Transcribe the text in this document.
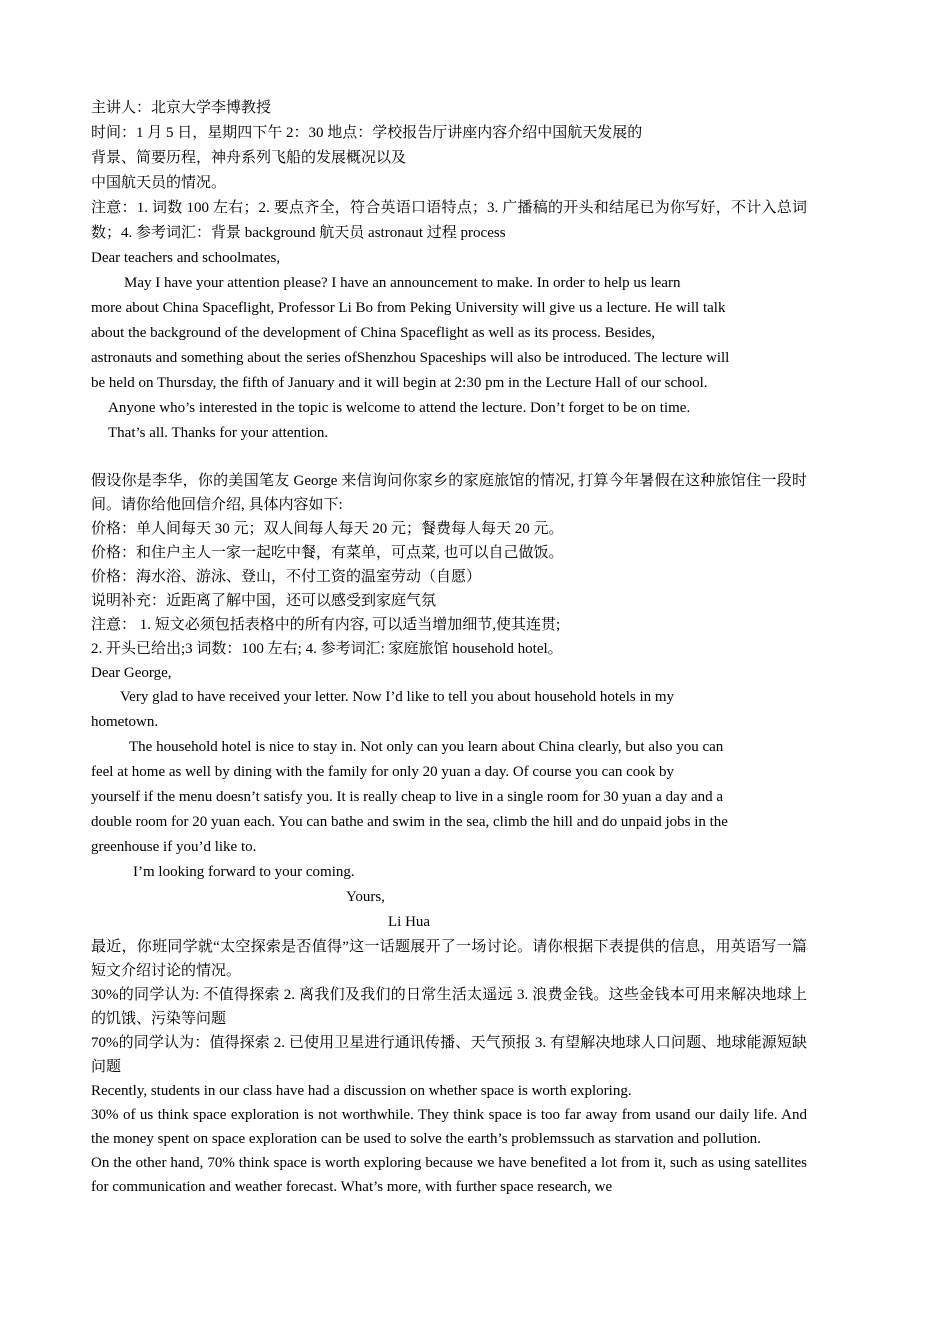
主讲人：北京大学李博教授

时间：1 月 5 日，星期四下午 2：30 地点：学校报告厅讲座内容介绍中国航天发展的

背景、简要历程，神舟系列飞船的发展概况以及

中国航天员的情况。

注意：1. 词数 100 左右；2. 要点齐全，符合英语口语特点；3. 广播稿的开头和结尾已为你写好，不计入总词数；4. 参考词汇：背景 background 航天员 astronaut 过程 process

Dear teachers and schoolmates,

May I have your attention please? I have an announcement to make. In order to help us learn

more about China Spaceflight, Professor Li Bo from Peking University will give us a lecture. He will talk

about the background of the development of China Spaceflight as well as its process. Besides,

astronauts and something about the series ofShenzhou Spaceships will also be introduced. The lecture will

be held on Thursday, the fifth of January and it will begin at 2:30 pm in the Lecture Hall of our school.

Anyone who’s interested in the topic is welcome to attend the lecture. Don’t forget to be on time.

That’s all. Thanks for your attention.

假设你是李华，你的美国笔友 George 来信询问你家乡的家庭旅馆的情况, 打算今年暑假在这种旅馆住一段时间。请你给他回信介绍, 具体内容如下:

价格：单人间每天 30 元；双人间每人每天 20 元；餐费每人每天 20 元。

价格：和住户主人一家一起吃中餐，有菜单，可点菜, 也可以自己做饭。

价格：海水浴、游泳、登山，不付工资的温室劳动（自愿）

说明补充：近距离了解中国，还可以感受到家庭气氛

注意： 1. 短文必须包括表格中的所有内容, 可以适当增加细节,使其连贯;

2. 开头已给出;3 词数：100 左右; 4. 参考词汇: 家庭旅馆 household hotel。

Dear George,

Very glad to have received your letter. Now I’d like to tell you about household hotels in my

hometown.

The household hotel is nice to stay in. Not only can you learn about China clearly, but also you can

feel at home as well by dining with the family for only 20 yuan a day. Of course you can cook by

yourself if the menu doesn’t satisfy you. It is really cheap to live in a single room for 30 yuan a day and a

double room for 20 yuan each. You can bathe and swim in the sea, climb the hill and do unpaid jobs in the

greenhouse if you’d like to.

I’m looking forward to your coming.

Yours,

Li Hua

最近，你班同学就“太空探索是否值得”这一话题展开了一场讨论。请你根据下表提供的信息，用英语写一篇短文介绍讨论的情况。

30%的同学认为: 不值得探索 2. 离我们及我们的日常生活太遥远 3. 浪费金钱。这些金钱本可用来解决地球上的饥饿、污染等问题

70%的同学认为：值得探索 2. 已使用卫星进行通讯传播、天气预报 3. 有望解决地球人口问题、地球能源短缺问题

Recently, students in our class have had a discussion on whether space is worth exploring.

30% of us think space exploration is not worthwhile. They think space is too far away from usand our daily life. And the money spent on space exploration can be used to solve the earth’s problemssuch as starvation and pollution.

On the other hand, 70% think space is worth exploring because we have benefited a lot from it, such as using satellites for communication and weather forecast. What’s more, with further space research, we
